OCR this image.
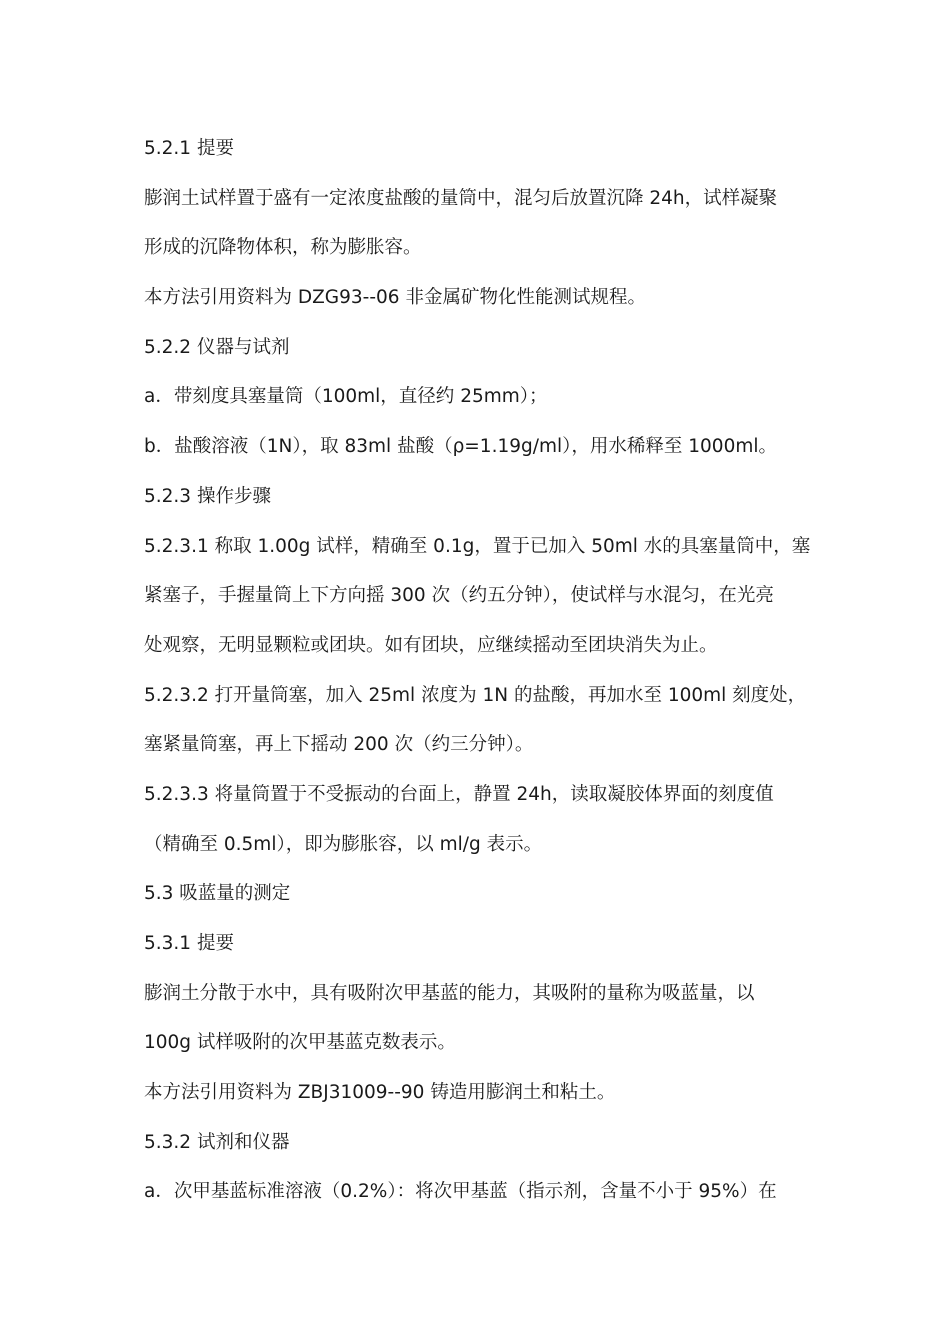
5.2.1 提要
膨润土试样置于盛有一定浓度盐酸的量筒中，混匀后放置沉降 24h，试样凝聚
形成的沉降物体积，称为膨胀容。
本方法引用资料为 DZG93--06 非金属矿物化性能测试规程。
5.2.2 仪器与试剂
a．带刻度具塞量筒（100ml，直径约 25mm）；
b．盐酸溶液（1N），取 83ml 盐酸（ρ=1.19g/ml），用水稀释至 1000ml。
5.2.3 操作步骤
5.2.3.1 称取 1.00g 试样，精确至 0.1g，置于已加入 50ml 水的具塞量筒中，塞
紧塞子，手握量筒上下方向摇 300 次（约五分钟），使试样与水混匀，在光亮
处观察，无明显颗粒或团块。如有团块，应继续摇动至团块消失为止。
5.2.3.2 打开量筒塞，加入 25ml 浓度为 1N 的盐酸，再加水至 100ml 刻度处，
塞紧量筒塞，再上下摇动 200 次（约三分钟）。
5.2.3.3 将量筒置于不受振动的台面上，静置 24h，读取凝胶体界面的刻度值
（精确至 0.5ml），即为膨胀容，以 ml/g 表示。
5.3 吸蓝量的测定
5.3.1 提要
膨润土分散于水中，具有吸附次甲基蓝的能力，其吸附的量称为吸蓝量，以
100g 试样吸附的次甲基蓝克数表示。
本方法引用资料为 ZBJ31009--90 铸造用膨润土和粘土。
5.3.2 试剂和仪器
a．次甲基蓝标准溶液（0.2%）：将次甲基蓝（指示剂，含量不小于 95%）在
